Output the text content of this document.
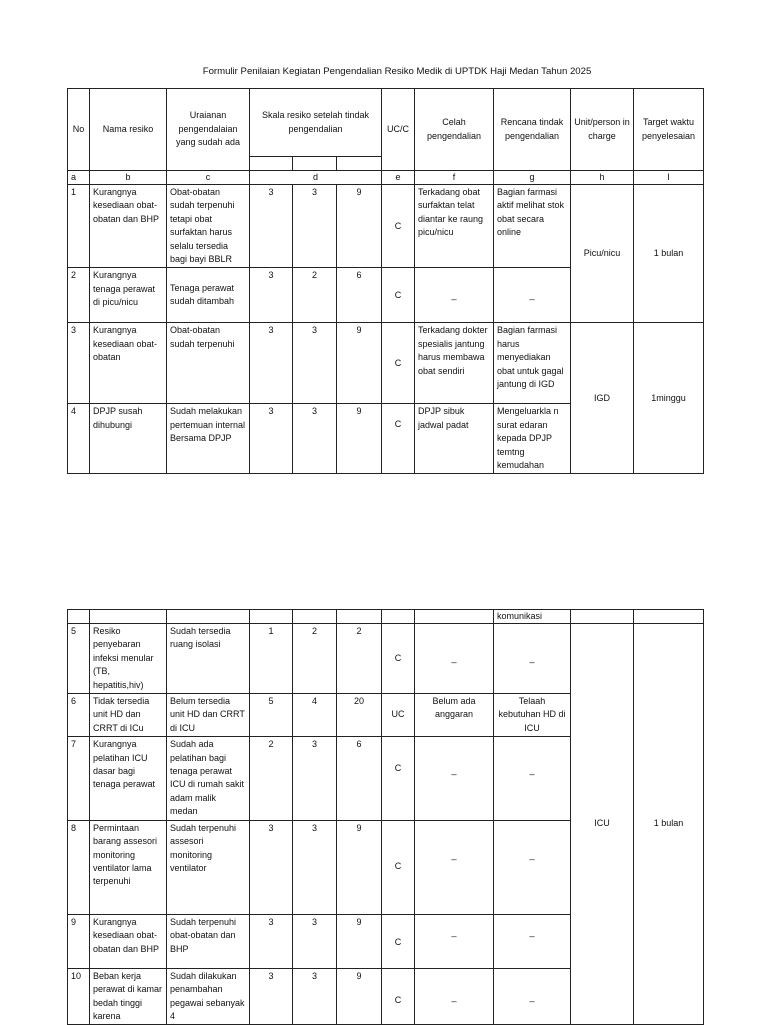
Formulir Penilaian Kegiatan Pengendalian Resiko Medik di UPTDK Haji Medan Tahun 2025
No	Nama resiko	Uraianan pengendalaian yang sudah ada	Skala resiko setelah tindak pengendalian			UC/C	Celah pengendalian	Rencana tindak pengendalian	Unit/person in charge	Target waktu penyelesaian

a	b	c	d			e	f	g	h	I
1	Kurangnya kesediaan obat-obatan dan BHP	Obat-obatan sudah terpenuhi tetapi obat surfaktan harus selalu tersedia bagi bayi BBLR	3	3	9	C	Terkadang obat surfaktan telat diantar ke raung picu/nicu	Bagian farmasi aktif melihat stok obat secara online	Picu/nicu	1 bulan
2	Kurangnya tenaga perawat di picu/nicu	Tenaga perawat sudah ditambah	3	2	6	C	_	_		
3	Kurangnya kesediaan obat-obatan	Obat-obatan sudah terpenuhi	3	3	9	C	Terkadang dokter spesialis jantung harus membawa obat sendiri	Bagian farmasi harus menyediakan obat untuk gagal jantung di IGD	IGD	1minggu
4	DPJP susah dihubungi	Sudah melakukan pertemuan internal Bersama DPJP	3	3	9	C	DPJP sibuk jadwal padat	Mengeluarkla n surat edaran kepada DPJP temtng kemudahan		
								komunikasi		
5	Resiko penyebaran infeksi menular (TB, hepatitis,hiv)	Sudah tersedia ruang isolasi	1	2	2	C	_	_	ICU	1 bulan
6	Tidak tersedia unit HD dan CRRT di ICu	Belum tersedia unit HD dan CRRT di ICU	5	4	20	UC	Belum ada anggaran	Telaah kebutuhan HD di ICU		
7	Kurangnya pelatihan ICU dasar bagi tenaga perawat	Sudah ada pelatihan bagi tenaga perawat ICU di rumah sakit adam malik medan	2	3	6	C	_	_		
8	Permintaan barang assesori monitoring ventilator lama terpenuhi	Sudah terpenuhi assesori monitoring ventilator	3	3	9	C	_	_		
9	Kurangnya kesediaan obat-obatan dan BHP	Sudah terpenuhi obat-obatan dan BHP	3	3	9	C	_	_		
10	Beban kerja perawat di kamar bedah tinggi karena	Sudah dilakukan penambahan pegawai sebanyak 4	3	3	9	C	_	_		
